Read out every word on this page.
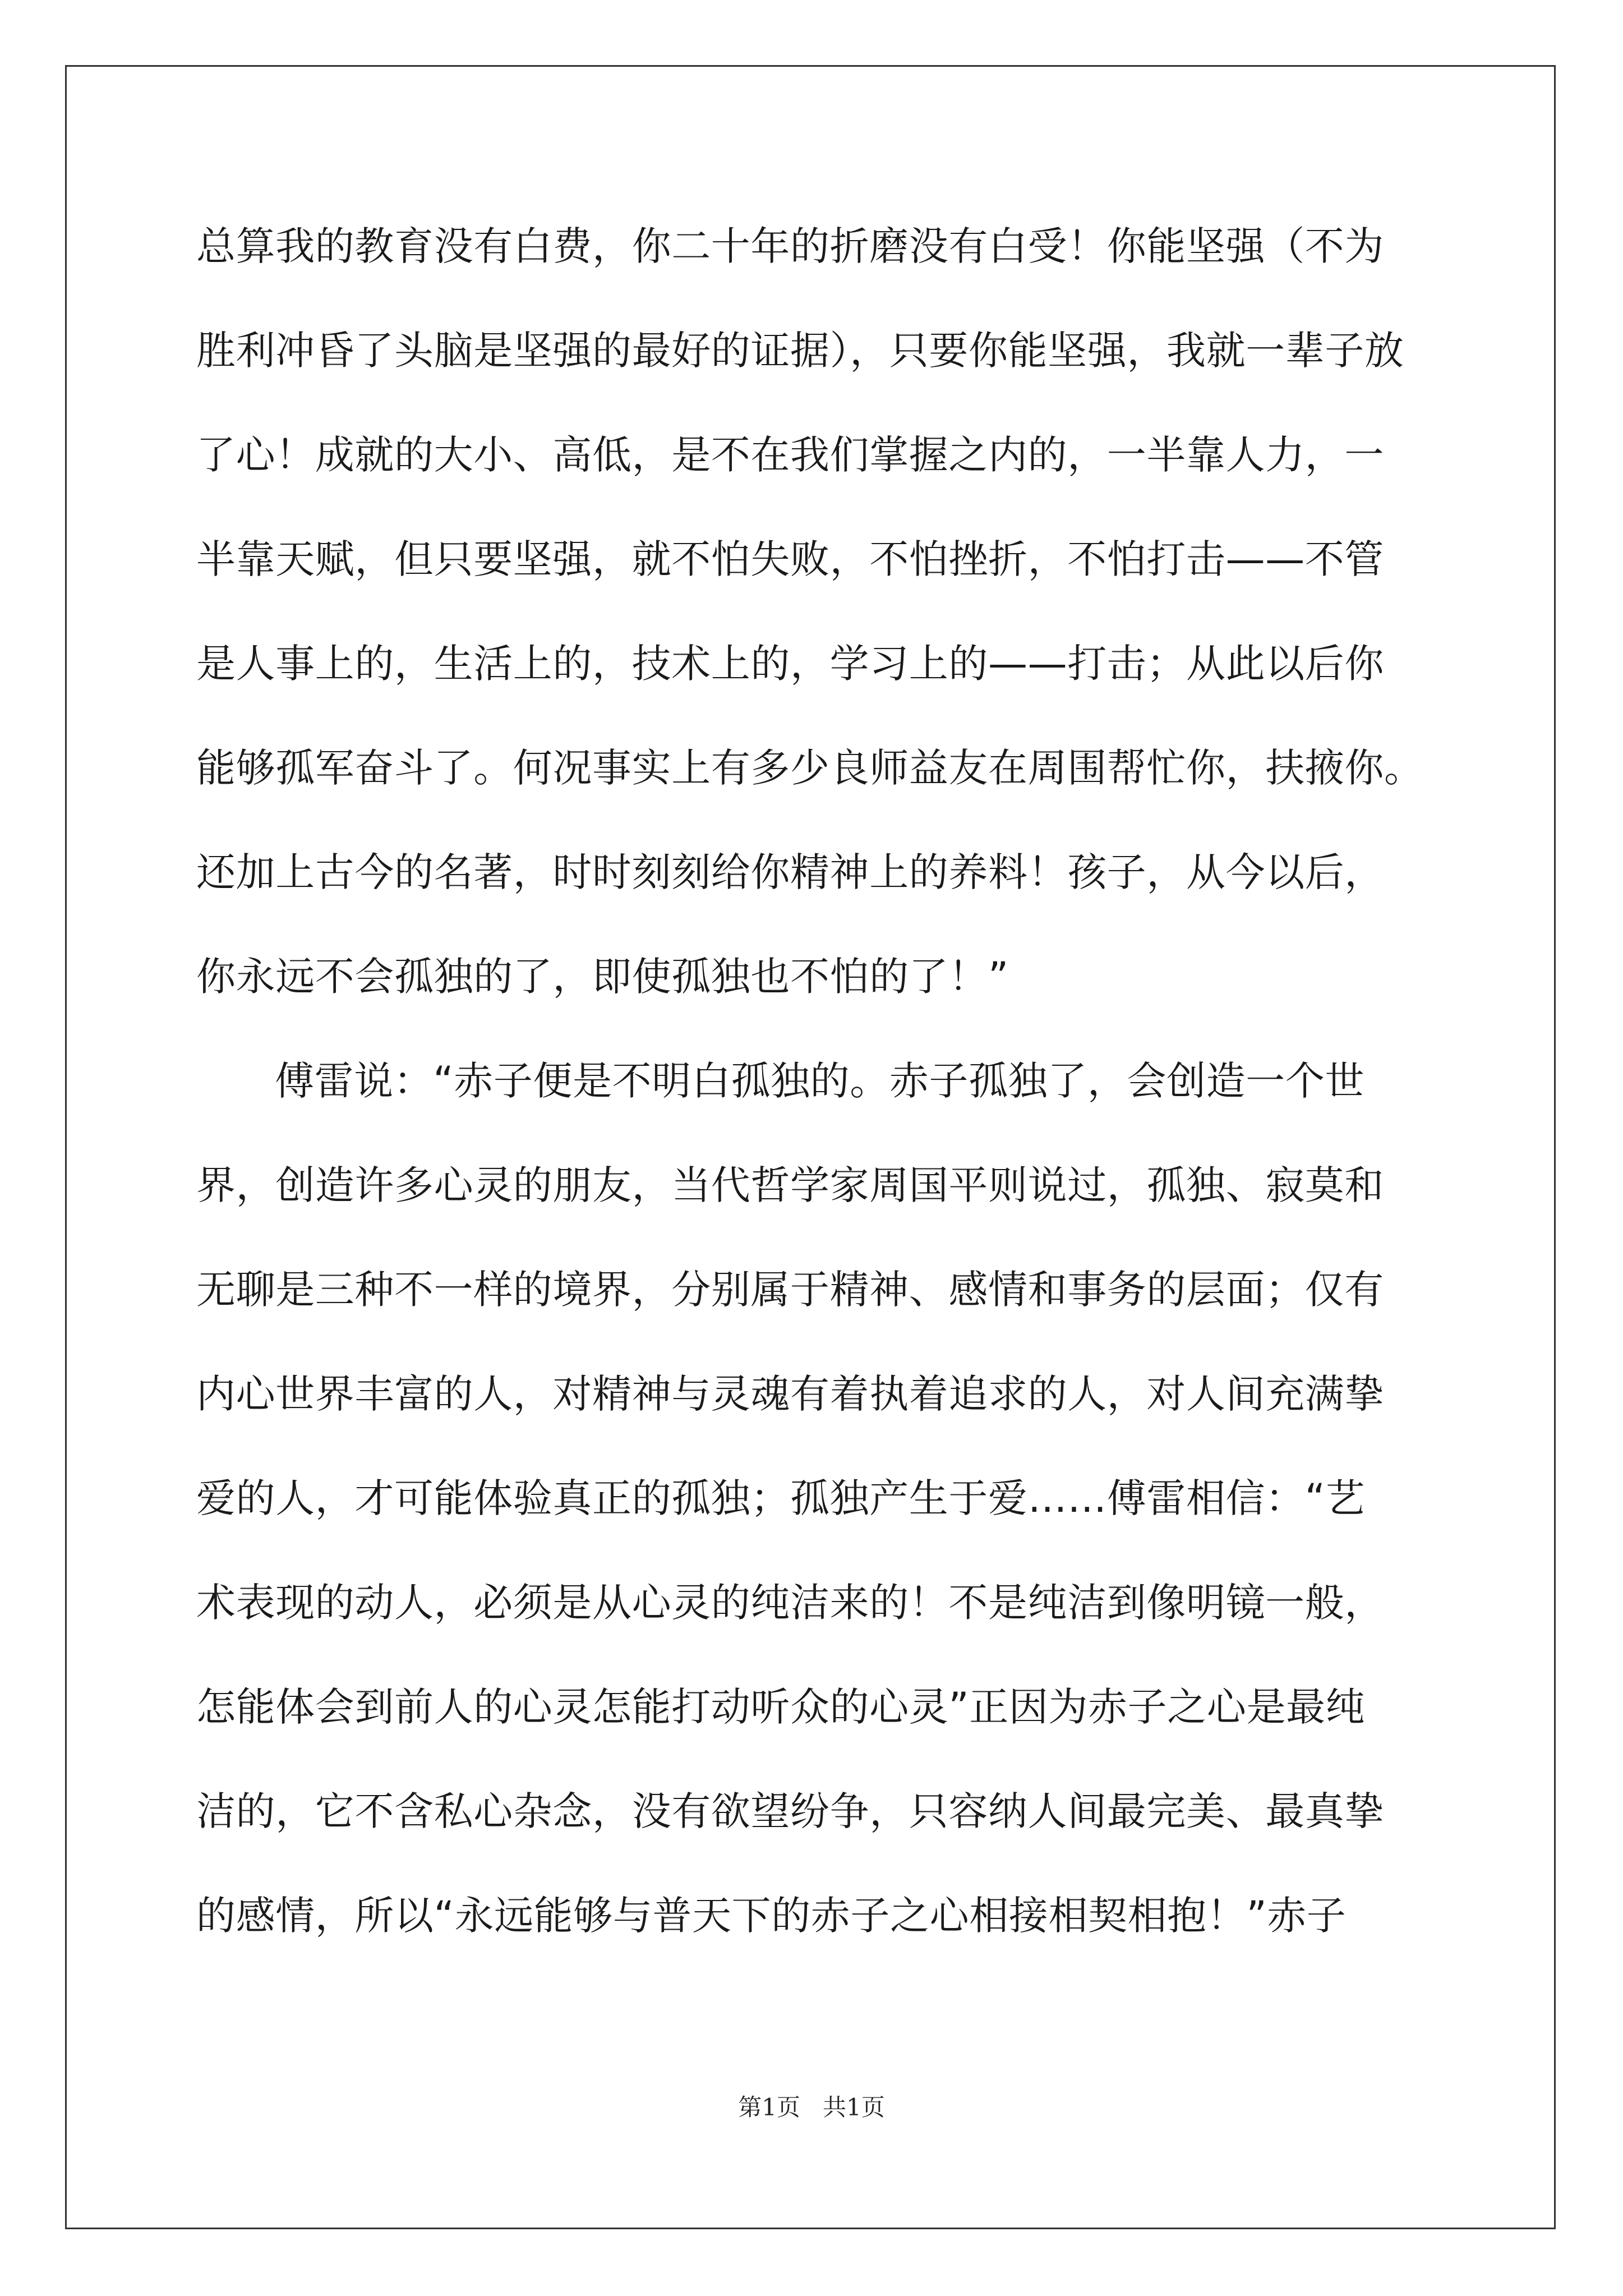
总算我的教育没有白费，你二十年的折磨没有白受！你能坚强（不为
胜利冲昏了头脑是坚强的最好的证据），只要你能坚强，我就一辈子放
了心！成就的大小、高低，是不在我们掌握之内的，一半靠人力，一
半靠天赋，但只要坚强，就不怕失败，不怕挫折，不怕打击——不管
是人事上的，生活上的，技术上的，学习上的——打击；从此以后你
能够孤军奋斗了。何况事实上有多少良师益友在周围帮忙你，扶掖你。
还加上古今的名著，时时刻刻给你精神上的养料！孩子，从今以后，
你永远不会孤独的了，即使孤独也不怕的了！”
傅雷说：“赤子便是不明白孤独的。赤子孤独了，会创造一个世
界，创造许多心灵的朋友，当代哲学家周国平则说过，孤独、寂莫和
无聊是三种不一样的境界，分别属于精神、感情和事务的层面；仅有
内心世界丰富的人，对精神与灵魂有着执着追求的人，对人间充满挚
爱的人，才可能体验真正的孤独；孤独产生于爱……傅雷相信：“艺
术表现的动人，必须是从心灵的纯洁来的！不是纯洁到像明镜一般，
怎能体会到前人的心灵怎能打动听众的心灵”正因为赤子之心是最纯
洁的，它不含私心杂念，没有欲望纷争，只容纳人间最完美、最真挚
的感情，所以“永远能够与普天下的赤子之心相接相契相抱！”赤子
第1页   共1页
